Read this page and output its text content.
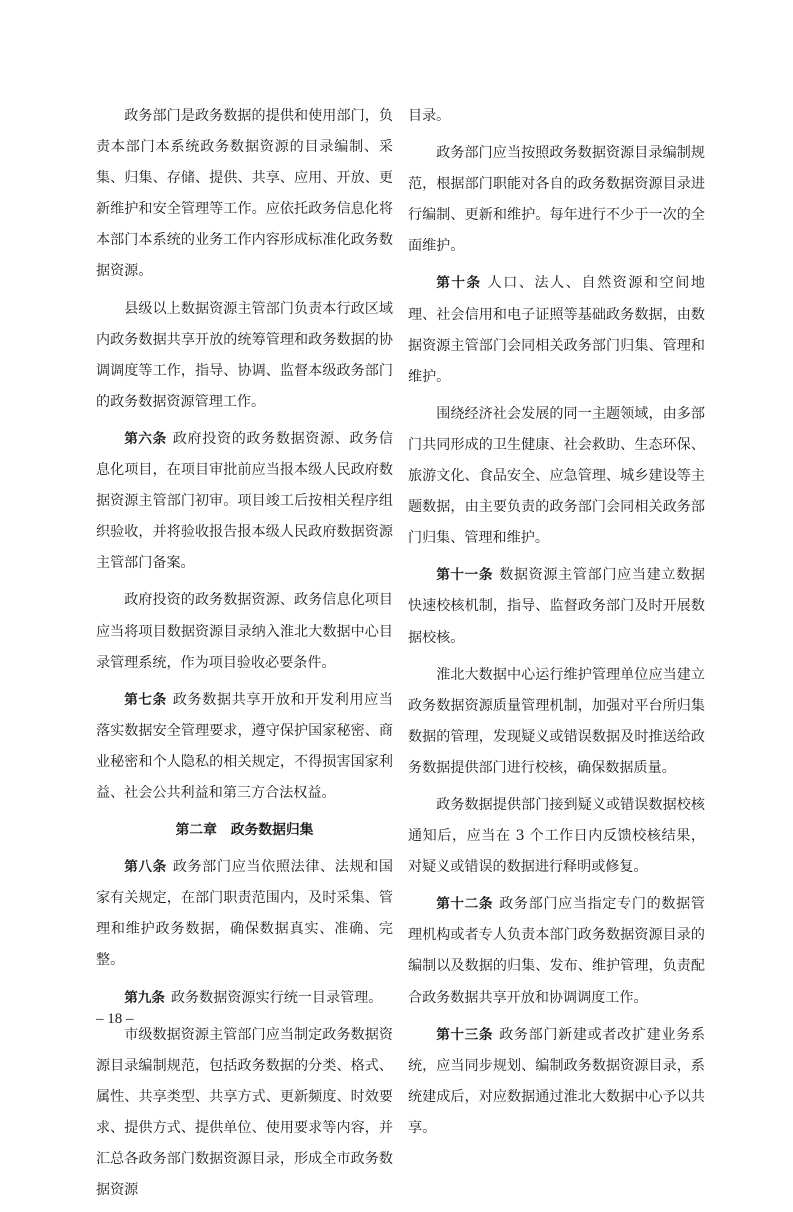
政务部门是政务数据的提供和使用部门，负责本部门本系统政务数据资源的目录编制、采集、归集、存储、提供、共享、应用、开放、更新维护和安全管理等工作。应依托政务信息化将本部门本系统的业务工作内容形成标准化政务数据资源。

县级以上数据资源主管部门负责本行政区域内政务数据共享开放的统筹管理和政务数据的协调调度等工作，指导、协调、监督本级政务部门的政务数据资源管理工作。

第六条 政府投资的政务数据资源、政务信息化项目，在项目审批前应当报本级人民政府数据资源主管部门初审。项目竣工后按相关程序组织验收，并将验收报告报本级人民政府数据资源主管部门备案。

政府投资的政务数据资源、政务信息化项目应当将项目数据资源目录纳入淮北大数据中心目录管理系统，作为项目验收必要条件。

第七条 政务数据共享开放和开发利用应当落实数据安全管理要求，遵守保护国家秘密、商业秘密和个人隐私的相关规定，不得损害国家利益、社会公共利益和第三方合法权益。

第二章　政务数据归集

第八条 政务部门应当依照法律、法规和国家有关规定，在部门职责范围内，及时采集、管理和维护政务数据，确保数据真实、准确、完整。

第九条 政务数据资源实行统一目录管理。

市级数据资源主管部门应当制定政务数据资源目录编制规范，包括政务数据的分类、格式、属性、共享类型、共享方式、更新频度、时效要求、提供方式、提供单位、使用要求等内容，并汇总各政务部门数据资源目录，形成全市政务数据资源

目录。

政务部门应当按照政务数据资源目录编制规范，根据部门职能对各自的政务数据资源目录进行编制、更新和维护。每年进行不少于一次的全面维护。

第十条 人口、法人、自然资源和空间地理、社会信用和电子证照等基础政务数据，由数据资源主管部门会同相关政务部门归集、管理和维护。

围绕经济社会发展的同一主题领域，由多部门共同形成的卫生健康、社会救助、生态环保、旅游文化、食品安全、应急管理、城乡建设等主题数据，由主要负责的政务部门会同相关政务部门归集、管理和维护。

第十一条 数据资源主管部门应当建立数据快速校核机制，指导、监督政务部门及时开展数据校核。

淮北大数据中心运行维护管理单位应当建立政务数据资源质量管理机制，加强对平台所归集数据的管理，发现疑义或错误数据及时推送给政务数据提供部门进行校核，确保数据质量。

政务数据提供部门接到疑义或错误数据校核通知后，应当在 3 个工作日内反馈校核结果，对疑义或错误的数据进行释明或修复。

第十二条 政务部门应当指定专门的数据管理机构或者专人负责本部门政务数据资源目录的编制以及数据的归集、发布、维护管理，负责配合政务数据共享开放和协调调度工作。

第十三条 政务部门新建或者改扩建业务系统，应当同步规划、编制政务数据资源目录，系统建成后，对应数据通过淮北大数据中心予以共享。

– 18 –
